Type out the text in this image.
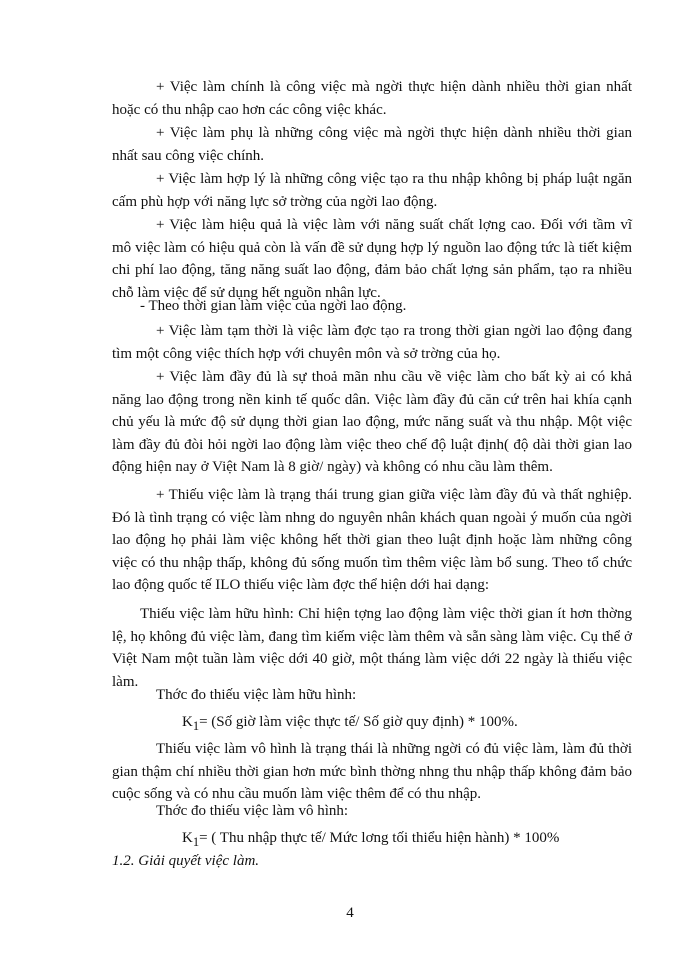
+ Việc làm chính là công việc mà ngời thực hiện dành nhiều thời gian nhất hoặc có thu nhập cao hơn các công việc khác.

+ Việc làm phụ là những công việc mà ngời thực hiện dành nhiều thời gian nhất sau công việc chính.

+ Việc làm hợp lý là những công việc tạo ra thu nhập không bị pháp luật ngăn cấm phù hợp với năng lực sở trờng của ngời lao động.

+ Việc làm hiệu quả là việc làm với năng suất chất lợng cao. Đối với tầm vĩ mô việc làm có hiệu quả còn là vấn đề sử dụng hợp lý nguồn lao động tức là tiết kiệm chi phí lao động, tăng năng suất lao động, đảm bảo chất lợng sản phẩm, tạo ra nhiều chỗ làm việc để sử dụng hết nguồn nhân lực.

- Theo thời gian làm việc của ngời lao động.

+ Việc làm tạm thời là việc làm đợc tạo ra trong thời gian ngời lao động đang tìm một công việc thích hợp với chuyên môn và sở trờng của họ.

+ Việc làm đầy đủ là sự thoả mãn nhu cầu về việc làm cho bất kỳ ai có khả năng lao động trong nền kinh tế quốc dân. Việc làm đầy đủ căn cứ trên hai khía cạnh chủ yếu là mức độ sử dụng thời gian lao động, mức năng suất và thu nhập. Một việc làm đầy đủ đòi hỏi ngời lao động làm việc theo chế độ luật định( độ dài thời gian lao động hiện nay ở Việt Nam là 8 giờ/ ngày) và không có nhu cầu làm thêm.

+ Thiếu việc làm là trạng thái trung gian giữa việc làm đầy đủ và thất nghiệp. Đó là tình trạng có việc làm nhng do nguyên nhân khách quan ngoài ý muốn của ngời lao động họ phải làm việc không hết thời gian theo luật định hoặc làm những công việc có thu nhập thấp, không đủ sống muốn tìm thêm việc làm bổ sung. Theo tổ chức lao động quốc tế ILO thiếu việc làm đợc thể hiện dới hai dạng:

Thiếu việc làm hữu hình: Chỉ hiện tợng lao động làm việc thời gian ít hơn thờng lệ, họ không đủ việc làm, đang tìm kiếm việc làm thêm và sẵn sàng làm việc. Cụ thể ở Việt Nam một tuần làm việc dới 40 giờ, một tháng làm việc dới 22 ngày là thiếu việc làm.

Thớc đo thiếu việc làm hữu hình:

$K_1=$ (Số giờ làm việc thực tế/ Số giờ quy định) * 100%.

Thiếu việc làm vô hình là trạng thái là những ngời có đủ việc làm, làm đủ thời gian thậm chí nhiều thời gian hơn mức bình thờng nhng thu nhập thấp không đảm bảo cuộc sống và có nhu cầu muốn làm việc thêm để có thu nhập.

Thớc đo thiếu việc làm vô hình:

$K_1=$ ( Thu nhập thực tế/ Mức lơng tối thiểu hiện hành) * 100%

1.2. Giải quyết việc làm.

4
